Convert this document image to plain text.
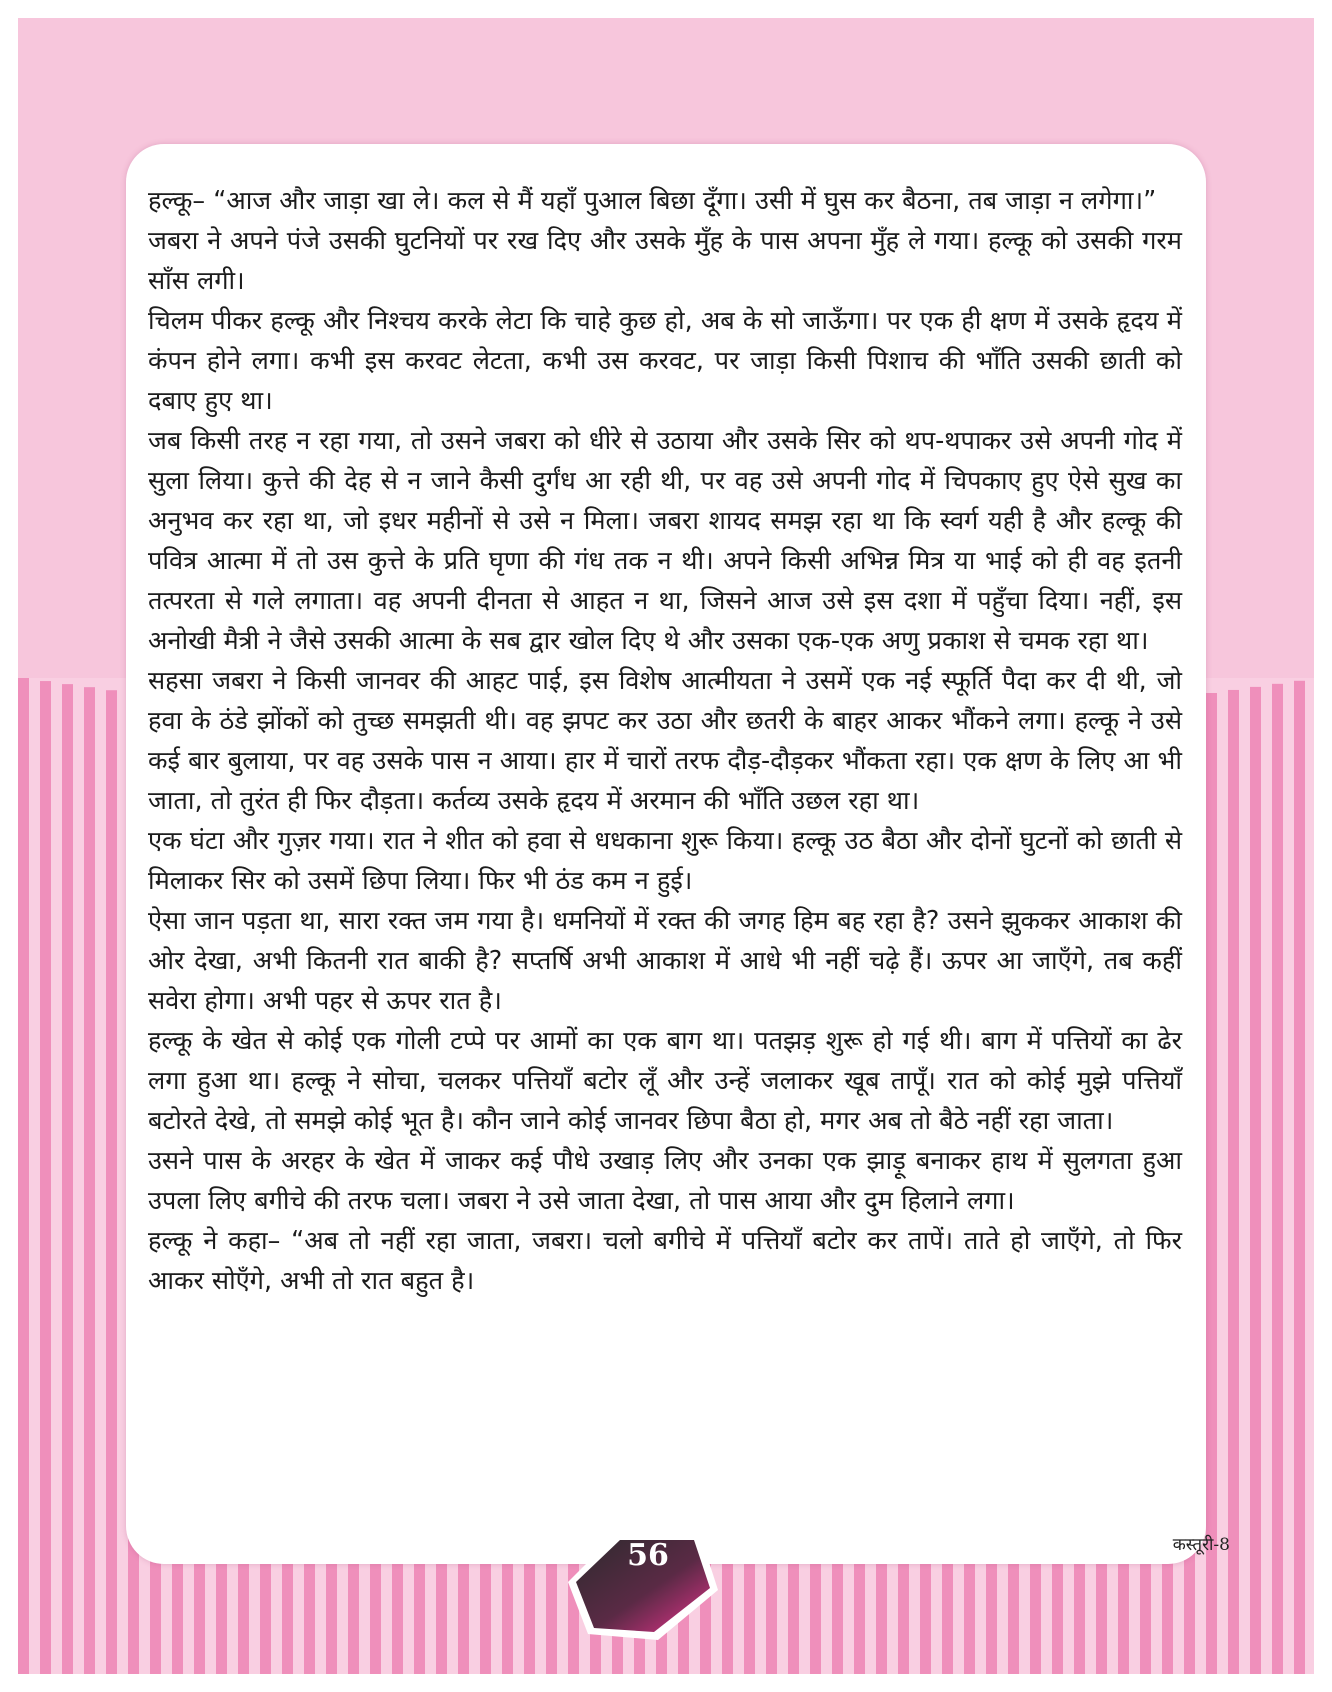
हल्कू– “आज और जाड़ा खा ले। कल से मैं यहाँ पुआल बिछा दूँगा। उसी में घुस कर बैठना, तब जाड़ा न लगेगा।”

जबरा ने अपने पंजे उसकी घुटनियों पर रख दिए और उसके मुँह के पास अपना मुँह ले गया। हल्कू को उसकी गरम साँस लगी।

चिलम पीकर हल्कू और निश्चय करके लेटा कि चाहे कुछ हो, अब के सो जाऊँगा। पर एक ही क्षण में उसके हृदय में कंपन होने लगा। कभी इस करवट लेटता, कभी उस करवट, पर जाड़ा किसी पिशाच की भाँति उसकी छाती को दबाए हुए था।

जब किसी तरह न रहा गया, तो उसने जबरा को धीरे से उठाया और उसके सिर को थप-थपाकर उसे अपनी गोद में सुला लिया। कुत्ते की देह से न जाने कैसी दुर्गंध आ रही थी, पर वह उसे अपनी गोद में चिपकाए हुए ऐसे सुख का अनुभव कर रहा था, जो इधर महीनों से उसे न मिला। जबरा शायद समझ रहा था कि स्वर्ग यही है और हल्कू की पवित्र आत्मा में तो उस कुत्ते के प्रति घृणा की गंध तक न थी। अपने किसी अभिन्न मित्र या भाई को ही वह इतनी तत्परता से गले लगाता। वह अपनी दीनता से आहत न था, जिसने आज उसे इस दशा में पहुँचा दिया। नहीं, इस अनोखी मैत्री ने जैसे उसकी आत्मा के सब द्वार खोल दिए थे और उसका एक-एक अणु प्रकाश से चमक रहा था।

सहसा जबरा ने किसी जानवर की आहट पाई, इस विशेष आत्मीयता ने उसमें एक नई स्फूर्ति पैदा कर दी थी, जो हवा के ठंडे झोंकों को तुच्छ समझती थी। वह झपट कर उठा और छतरी के बाहर आकर भौंकने लगा। हल्कू ने उसे कई बार बुलाया, पर वह उसके पास न आया। हार में चारों तरफ दौड़-दौड़कर भौंकता रहा। एक क्षण के लिए आ भी जाता, तो तुरंत ही फिर दौड़ता। कर्तव्य उसके हृदय में अरमान की भाँति उछल रहा था।

एक घंटा और गुज़र गया। रात ने शीत को हवा से धधकाना शुरू किया। हल्कू उठ बैठा और दोनों घुटनों को छाती से मिलाकर सिर को उसमें छिपा लिया। फिर भी ठंड कम न हुई।

ऐसा जान पड़ता था, सारा रक्त जम गया है। धमनियों में रक्त की जगह हिम बह रहा है? उसने झुककर आकाश की ओर देखा, अभी कितनी रात बाकी है? सप्तर्षि अभी आकाश में आधे भी नहीं चढ़े हैं। ऊपर आ जाएँगे, तब कहीं सवेरा होगा। अभी पहर से ऊपर रात है।

हल्कू के खेत से कोई एक गोली टप्पे पर आमों का एक बाग था। पतझड़ शुरू हो गई थी। बाग में पत्तियों का ढेर लगा हुआ था। हल्कू ने सोचा, चलकर पत्तियाँ बटोर लूँ और उन्हें जलाकर खूब तापूँ। रात को कोई मुझे पत्तियाँ बटोरते देखे, तो समझे कोई भूत है। कौन जाने कोई जानवर छिपा बैठा हो, मगर अब तो बैठे नहीं रहा जाता।

उसने पास के अरहर के खेत में जाकर कई पौधे उखाड़ लिए और उनका एक झाड़ू बनाकर हाथ में सुलगता हुआ उपला लिए बगीचे की तरफ चला। जबरा ने उसे जाता देखा, तो पास आया और दुम हिलाने लगा।

हल्कू ने कहा– “अब तो नहीं रहा जाता, जबरा। चलो बगीचे में पत्तियाँ बटोर कर तापें। ताते हो जाएँगे, तो फिर आकर सोएँगे, अभी तो रात बहुत है।

56	कस्तूरी-8
